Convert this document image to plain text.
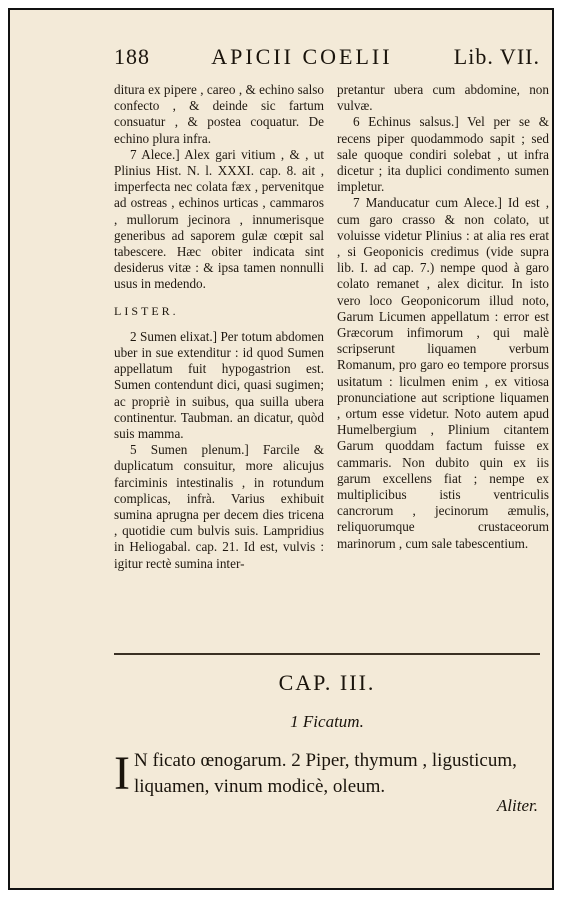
188	APICII COELII	Lib. VII.

ditura ex pipere , careo , & echino salso confecto , & deinde sic fartum consuatur , & postea coquatur. De echino plura infra.

7 Alece.] Alex gari vitium , & , ut Plinius Hist. N. l. XXXI. cap. 8. ait , imperfecta nec colata fæx , pervenitque ad ostreas , echinos urticas , cammaros , mullorum jecinora , innumerisque generibus ad saporem gulæ cœpit sal tabescere. Hæc obiter indicata sint desiderus vitæ : & ipsa tamen nonnulli usus in medendo.

LISTER.

2 Sumen elixat.] Per totum abdomen uber in sue extenditur : id quod Sumen appellatum fuit hypogastrion est. Sumen contendunt dici, quasi sugimen; ac propriè in suibus, qua suilla ubera continentur. Taubman. an dicatur, quòd suis mamma.

5 Sumen plenum.] Farcile & duplicatum consuitur, more alicujus farciminis intestinalis , in rotundum complicas, infrà. Varius exhibuit sumina aprugna per decem dies tricena , quotidie cum bulvis suis. Lampridius in Heliogabal. cap. 21. Id est, vulvis : igitur rectè sumina inter-

pretantur ubera cum abdomine, non vulvæ.

6 Echinus salsus.] Vel per se & recens piper quodammodo sapit ; sed sale quoque condiri solebat , ut infra dicetur ; ita duplici condimento sumen impletur.

7 Manducatur cum Alece.] Id est , cum garo crasso & non colato, ut voluisse videtur Plinius : at alia res erat , si Geoponicis credimus (vide supra lib. I. ad cap. 7.) nempe quod à garo colato remanet , alex dicitur. In isto vero loco Geoponicorum illud noto, Garum Licumen appellatum : error est Græcorum infimorum , qui malè scripserunt liquamen verbum Romanum, pro garo eo tempore prorsus usitatum : liculmen enim , ex vitiosa pronunciatione aut scriptione liquamen , ortum esse videtur. Noto autem apud Humelbergium , Plinium citantem Garum quoddam factum fuisse ex cammaris. Non dubito quin ex iis garum excellens fiat ; nempe ex multiplicibus istis ventriculis cancrorum , jecinorum æmulis, reliquorumque crustaceorum marinorum , cum sale tabescentium.

CAP. III.
1 Ficatum.
I N ficato œnogarum. 2 Piper, thymum , ligusticum, liquamen, vinum modicè, oleum.
Aliter.
